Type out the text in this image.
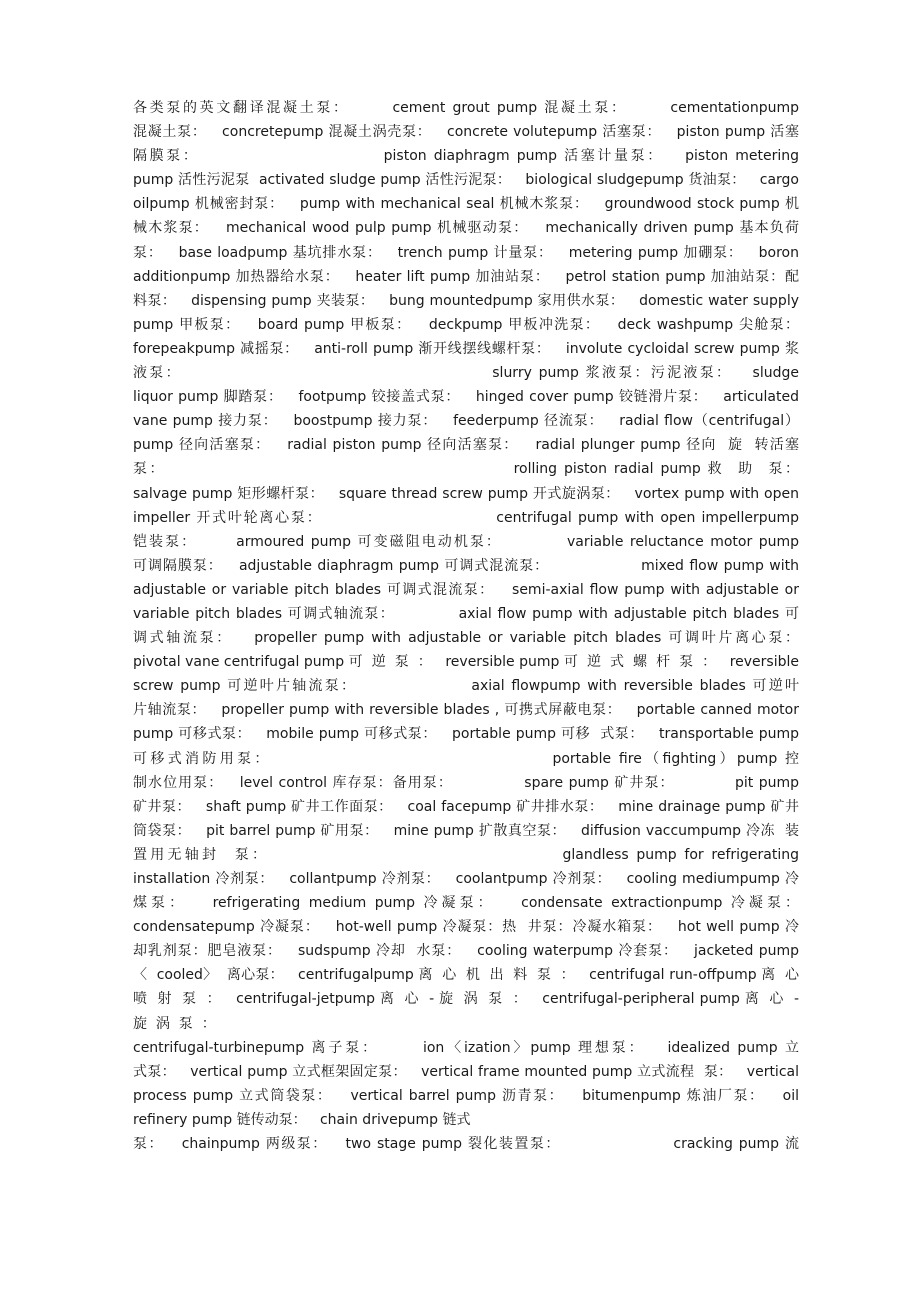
各类泵的英文翻译混凝土泵：      cement grout pump 混凝土泵：      cementationpump
混凝土泵：   concretepump 混凝土涡壳泵：   concrete volutepump 活塞泵：   piston pump 活塞
隔膜泵：                          piston diaphragm pump 活塞计量泵：   piston metering
pump 活性污泥泵  activated sludge pump 活性污泥泵：   biological sludgepump 货油泵：   cargo
oilpump 机械密封泵：   pump with mechanical seal 机械木浆泵：   groundwood stock pump 机
械木浆泵：   mechanical wood pulp pump 机械驱动泵：   mechanically driven pump 基本负荷
泵：   base loadpump 基坑排水泵：   trench pump 计量泵：   metering pump 加硼泵：   boron
additionpump 加热器给水泵：   heater lift pump 加油站泵：   petrol station pump 加油站泵：配
料泵：   dispensing pump 夹装泵：   bung mountedpump 家用供水泵：   domestic water supply
pump 甲板泵：   board pump 甲板泵：   deckpump 甲板冲洗泵：   deck washpump 尖舱泵：
forepeakpump 减摇泵：   anti-roll pump 渐开线摆线螺杆泵：   involute cycloidal screw pump 浆
液泵：                                              slurry pump 浆液泵：污泥液泵：   sludge
liquor pump 脚踏泵：   footpump 铰接盖式泵：   hinged cover pump 铰链滑片泵：   articulated
vane pump 接力泵：   boostpump 接力泵：   feederpump 径流泵：   radial flow（centrifugal）
pump 径向活塞泵：   radial piston pump 径向活塞泵：   radial plunger pump 径向  旋  转活塞
泵：                                                  rolling piston radial pump 救  助  泵：
salvage pump 矩形螺杆泵：   square thread screw pump 开式旋涡泵：   vortex pump with open
impeller 开式叶轮离心泵：                            centrifugal pump with open impellerpump
铠装泵：      armoured pump 可变磁阻电动机泵：          variable reluctance motor pump
可调隔膜泵：   adjustable diaphragm pump 可调式混流泵：                 mixed flow pump with
adjustable or variable pitch blades 可调式混流泵：   semi-axial flow pump with adjustable or
variable pitch blades 可调式轴流泵：           axial flow pump with adjustable pitch blades 可
调式轴流泵：   propeller pump with adjustable or variable pitch blades 可调叶片离心泵：
pivotal vane centrifugal pump 可  逆  泵  ：   reversible pump 可  逆  式  螺  杆  泵  ：   reversible
screw pump 可逆叶片轴流泵：                 axial flowpump with reversible blades 可逆叶
片轴流泵：   propeller pump with reversible blades , 可携式屏蔽电泵：   portable canned motor
pump 可移式泵：   mobile pump 可移式泵：   portable pump 可移  式泵：   transportable pump
可移式消防用泵：                                    portable fire（fighting）pump 控
制水位用泵：   level control 库存泵：备用泵：             spare pump 矿井泵：           pit pump
矿井泵：   shaft pump 矿井工作面泵：   coal facepump 矿井排水泵：   mine drainage pump 矿井
筒袋泵：   pit barrel pump 矿用泵：   mine pump 扩散真空泵：   diffusion vaccumpump 冷冻  装
置用无轴封  泵：                                      glandless pump for refrigerating
installation 冷剂泵：   collantpump 冷剂泵：   coolantpump 冷剂泵：   cooling mediumpump 冷
煤泵：   refrigerating medium pump 冷凝泵：   condensate extractionpump 冷凝泵：
condensatepump 冷凝泵：   hot-well pump 冷凝泵：热  井泵：冷凝水箱泵：   hot well pump 冷
却乳剂泵：肥皂液泵：   sudspump 冷却  水泵：   cooling waterpump 冷套泵：   jacketed pump
〈  cooled〉  离心泵：   centrifugalpump 离  心  机  出  料  泵  ：   centrifugal run-offpump 离  心
喷  射  泵  ：   centrifugal-jetpump 离  心  - 旋  涡  泵  ：   centrifugal-peripheral pump 离  心  -
旋  涡  泵  ：
centrifugal-turbinepump 离子泵：      ion〈ization〉pump 理想泵：   idealized pump 立
式泵：   vertical pump 立式框架固定泵：   vertical frame mounted pump 立式流程  泵：   vertical
process pump 立式筒袋泵：   vertical barrel pump 沥青泵：   bitumenpump 炼油厂泵：   oil
refinery pump 链传动泵：   chain drivepump 链式
泵：   chainpump 两级泵：   two stage pump 裂化装置泵：                   cracking pump 流
